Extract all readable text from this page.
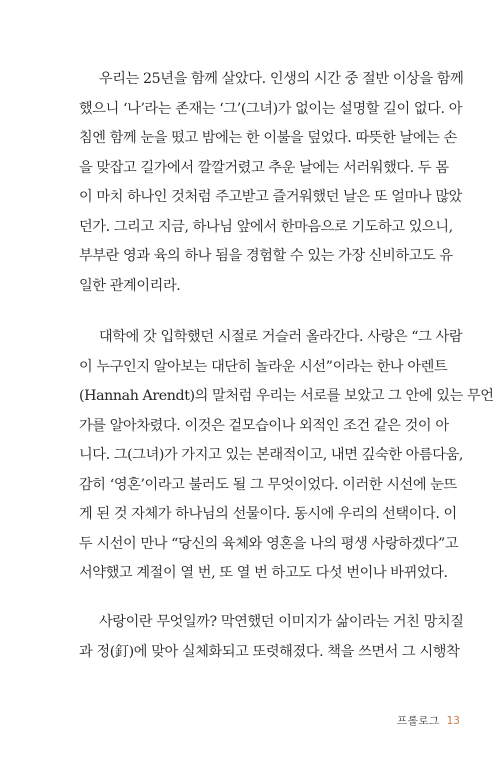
우리는 25년을 함께 살았다. 인생의 시간 중 절반 이상을 함께
했으니 ‘나’라는 존재는 ‘그’(그녀)가 없이는 설명할 길이 없다. 아
침엔 함께 눈을 떴고 밤에는 한 이불을 덮었다. 따뜻한 날에는 손
을 맞잡고 길가에서 깔깔거렸고 추운 날에는 서러워했다. 두 몸
이 마치 하나인 것처럼 주고받고 즐거워했던 날은 또 얼마나 많았
던가. 그리고 지금, 하나님 앞에서 한마음으로 기도하고 있으니,
부부란 영과 육의 하나 됨을 경험할 수 있는 가장 신비하고도 유
일한 관계이리라.
대학에 갓 입학했던 시절로 거슬러 올라간다. 사랑은 “그 사람
이 누구인지 알아보는 대단히 놀라운 시선”이라는 한나 아렌트
(Hannah Arendt)의 말처럼 우리는 서로를 보았고 그 안에 있는 무언
가를 알아차렸다. 이것은 겉모습이나 외적인 조건 같은 것이 아
니다. 그(그녀)가 가지고 있는 본래적이고, 내면 깊숙한 아름다움,
감히 ‘영혼’이라고 불러도 될 그 무엇이었다. 이러한 시선에 눈뜨
게 된 것 자체가 하나님의 선물이다. 동시에 우리의 선택이다. 이
두 시선이 만나 “당신의 육체와 영혼을 나의 평생 사랑하겠다”고
서약했고 계절이 열 번, 또 열 번 하고도 다섯 번이나 바뀌었다.
사랑이란 무엇일까? 막연했던 이미지가 삶이라는 거친 망치질
과 정(釘)에 맞아 실체화되고 또렷해졌다. 책을 쓰면서 그 시행착
프롤로그 13
